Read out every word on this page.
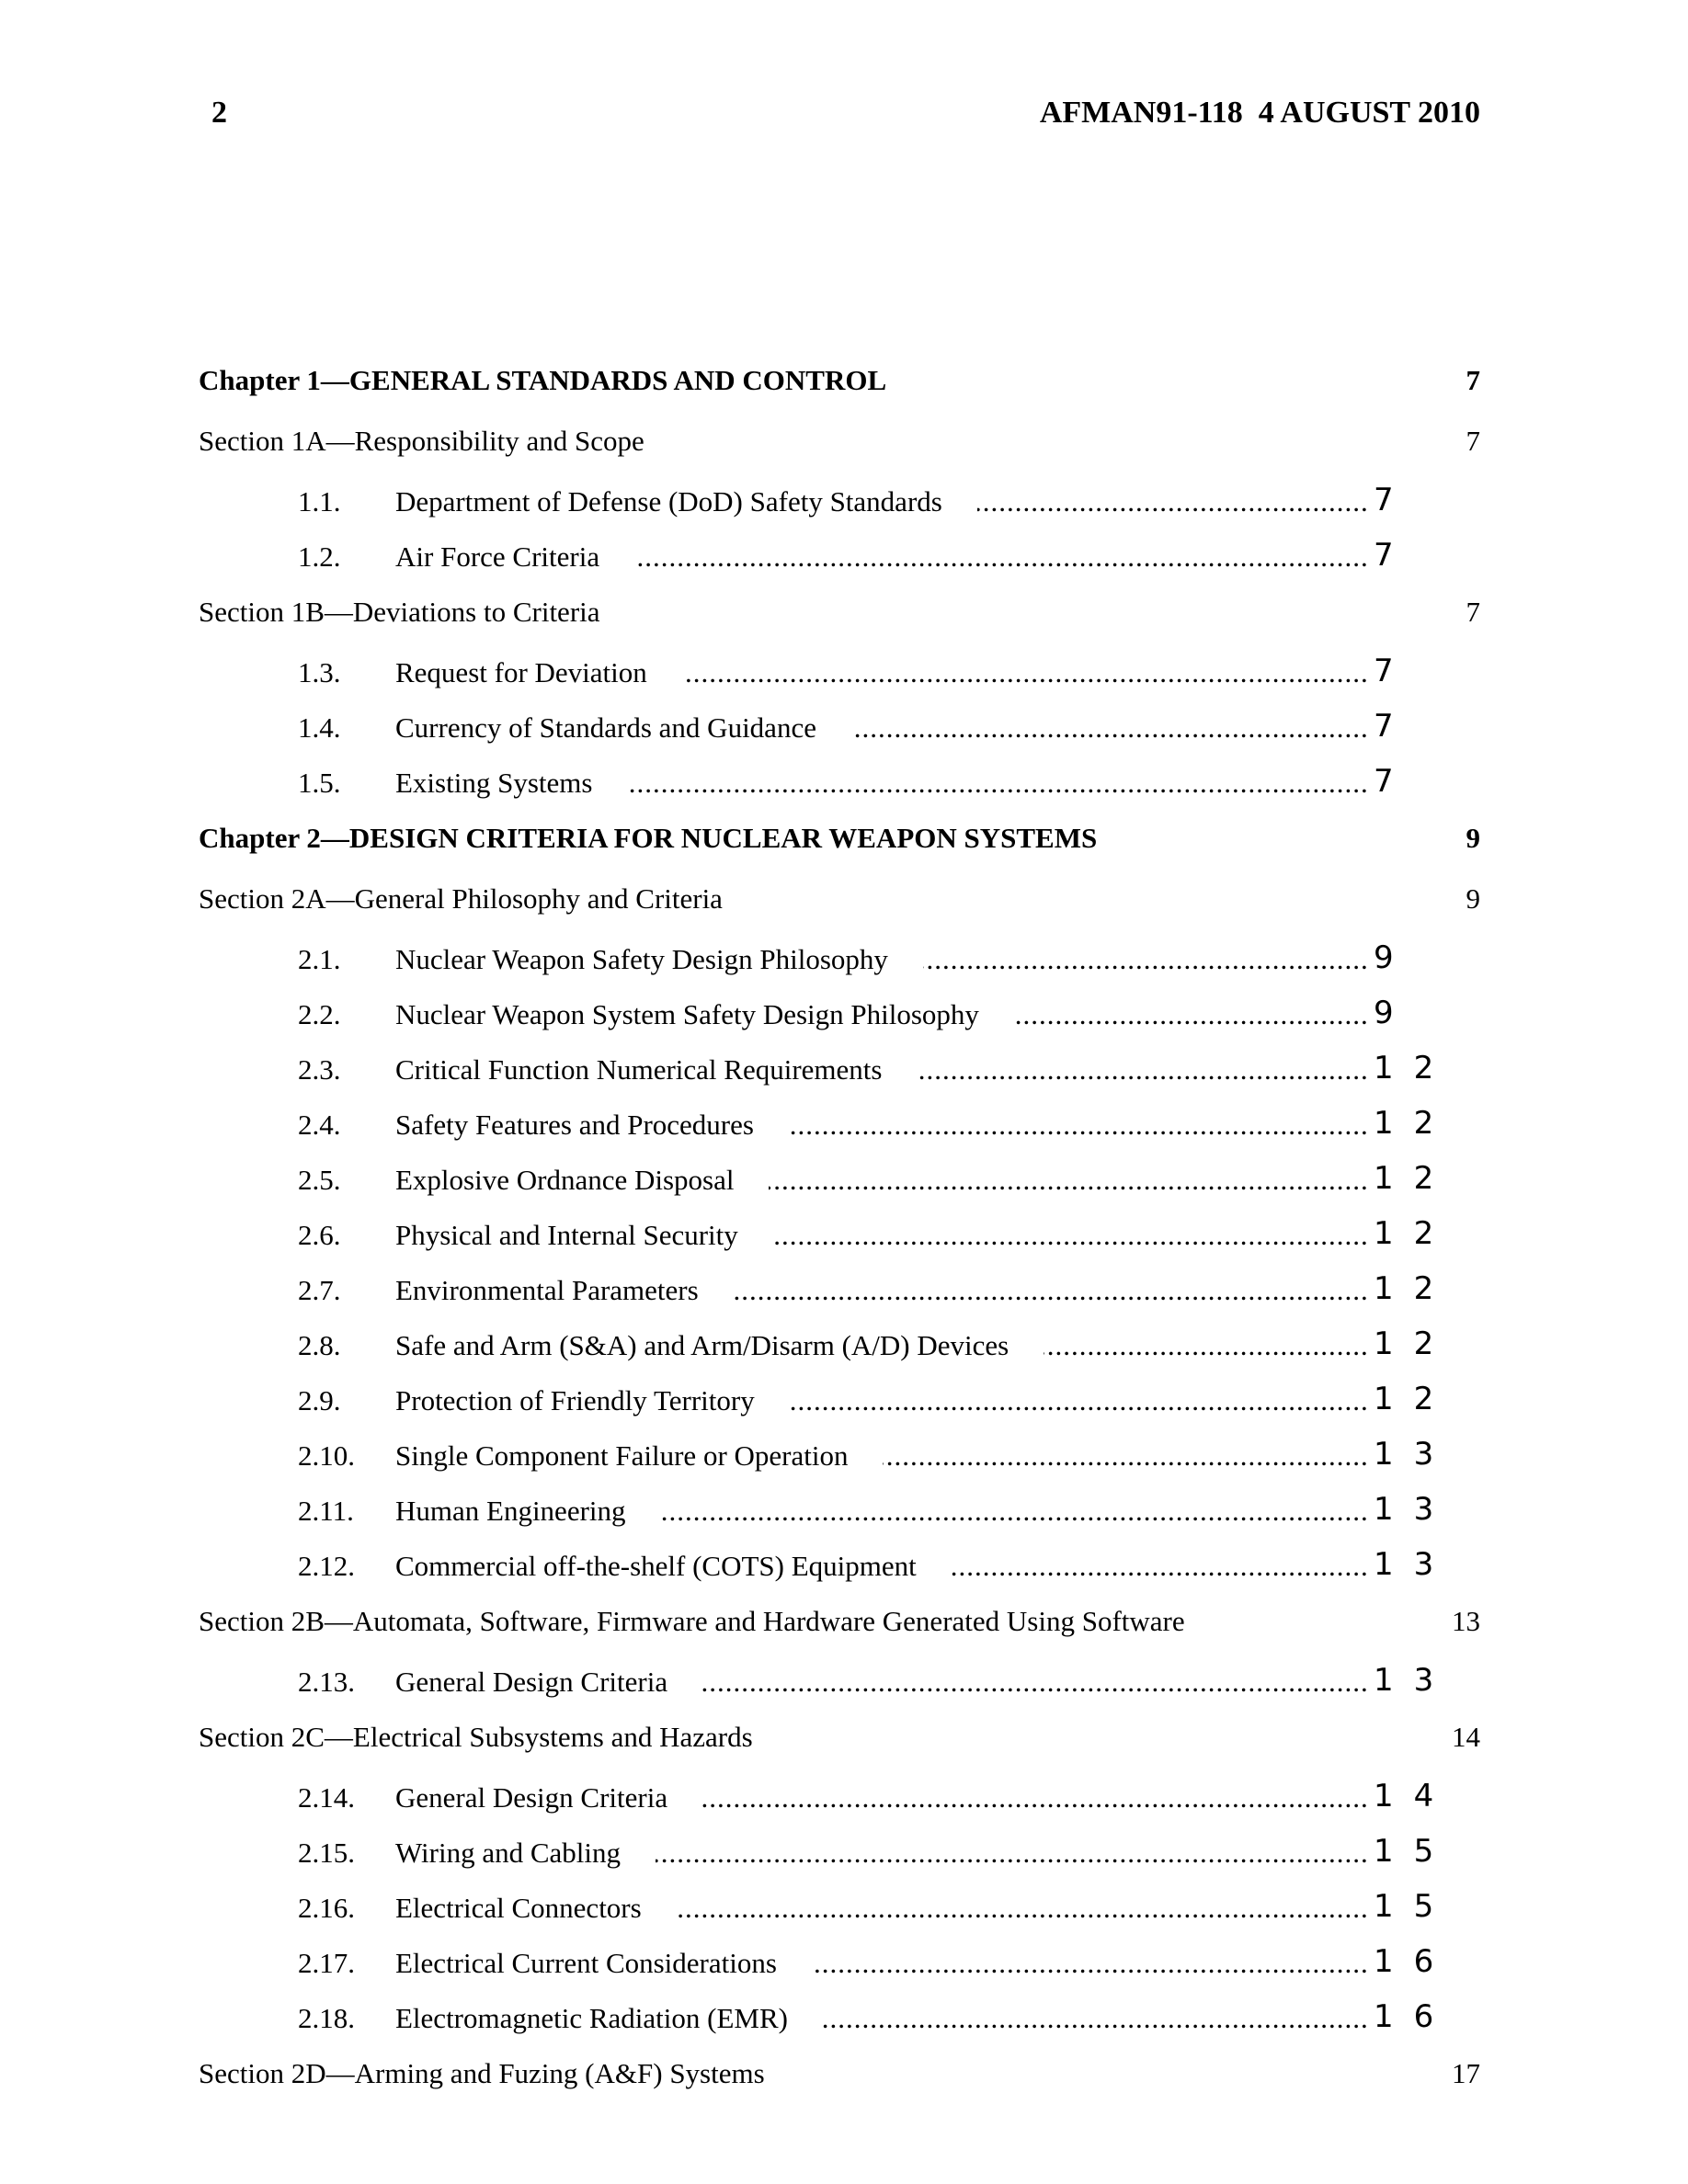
2	AFMAN91-118  4 AUGUST 2010
Chapter 1—GENERAL STANDARDS AND CONTROL	7
Section 1A—Responsibility and Scope	7
1.1. ..... Department of Defense (DoD) Safety Standards	7
1.2. ..... Air Force Criteria	7
Section 1B—Deviations to Criteria	7
1.3. ..... Request for Deviation	7
1.4. ..... Currency of Standards and Guidance	7
1.5. ..... Existing Systems	7
Chapter 2—DESIGN CRITERIA FOR NUCLEAR WEAPON SYSTEMS	9
Section 2A—General Philosophy and Criteria	9
2.1. ..... Nuclear Weapon Safety Design Philosophy	9
2.2. ..... Nuclear Weapon System Safety Design Philosophy	9
2.3. ..... Critical Function Numerical Requirements	12
2.4. ..... Safety Features and Procedures	12
2.5. ..... Explosive Ordnance Disposal	12
2.6. ..... Physical and Internal Security	12
2.7. ..... Environmental Parameters	12
2.8. ..... Safe and Arm (S&A) and Arm/Disarm (A/D) Devices	12
2.9. ..... Protection of Friendly Territory	12
2.10. ..... Single Component Failure or Operation	13
2.11. ..... Human Engineering	13
2.12. ..... Commercial off-the-shelf (COTS) Equipment	13
Section 2B—Automata, Software, Firmware and Hardware Generated Using Software	13
2.13. ..... General Design Criteria	13
Section 2C—Electrical Subsystems and Hazards	14
2.14. ..... General Design Criteria	14
2.15. ..... Wiring and Cabling	15
2.16. ..... Electrical Connectors	15
2.17. ..... Electrical Current Considerations	16
2.18. ..... Electromagnetic Radiation (EMR)	16
Section 2D—Arming and Fuzing (A&F) Systems	17
